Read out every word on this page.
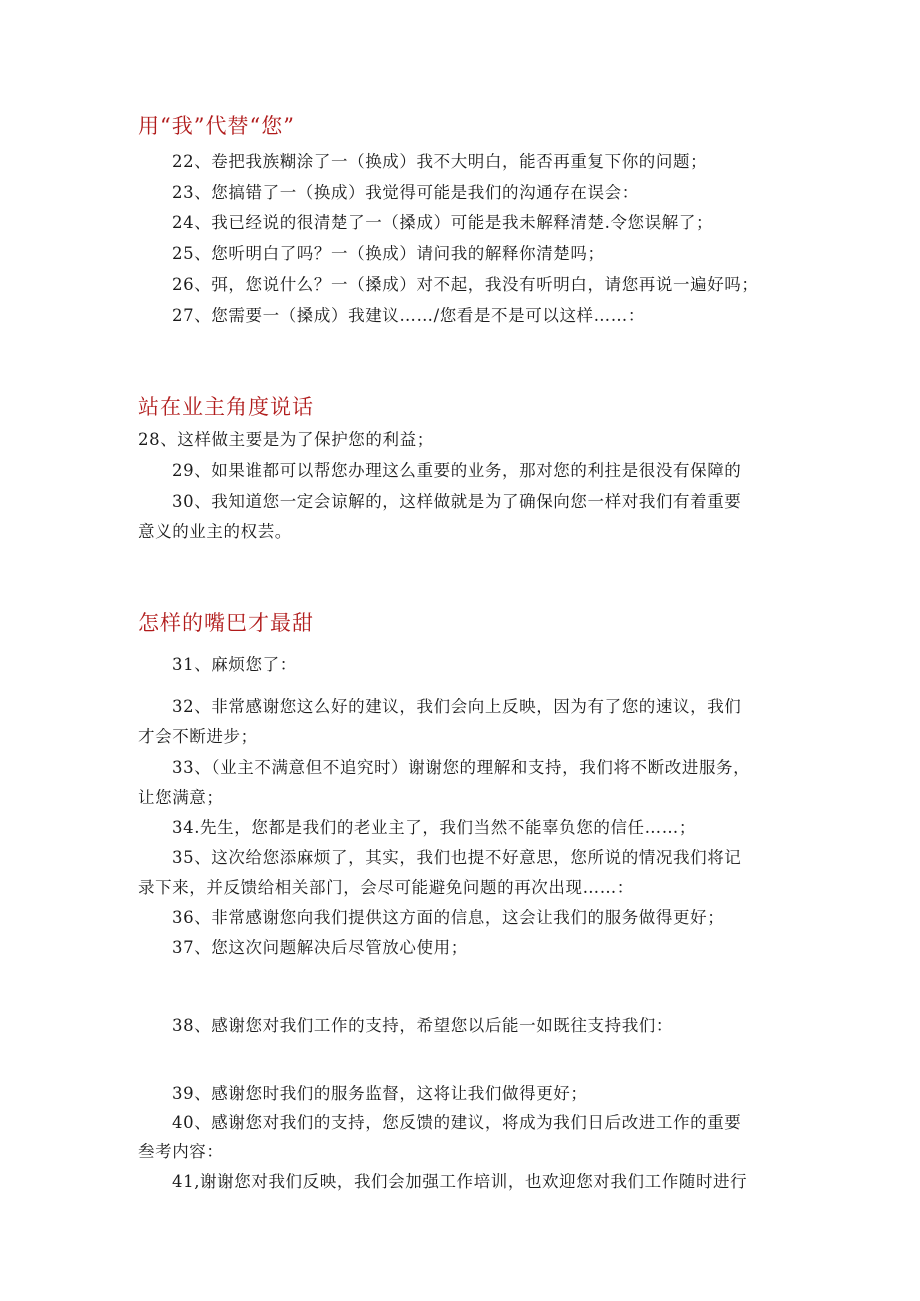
用“我”代替“您”

22、卷把我族糊涂了一（换成）我不大明白，能否再重复下你的问题；

23、您搞错了一（换成）我觉得可能是我们的沟通存在误会：

24、我已经说的很清楚了一（搡成）可能是我未解释清楚.令您误解了；

25、您听明白了吗？一（换成）请问我的解释你清楚吗；

26、弭，您说什么？一（搡成）对不起，我没有听明白，请您再说一遍好吗；

27、您需要一（搡成）我建议……/您看是不是可以这样……：

站在业主角度说话

28、这样做主要是为了保护您的利益；

29、如果谁都可以帮您办理这么重要的业务，那对您的利拄是很没有保障的

30、我知道您一定会谅解的，这样做就是为了确保向您一样对我们有着重要

意义的业主的权芸。

怎样的嘴巴才最甜

31、麻烦您了：

32、非常感谢您这么好的建议，我们会向上反映，因为有了您的速议，我们

才会不断进步；

33、（业主不满意但不追究时）谢谢您的理解和支持，我们将不断改进服务，

让您满意；

34.先生，您都是我们的老业主了，我们当然不能辜负您的信任……；

35、这次给您添麻烦了，其实，我们也提不好意思，您所说的情况我们将记

录下来，并反馈给相关部门，会尽可能避免问题的再次出现……：

36、非常感谢您向我们提供这方面的信息，这会让我们的服务做得更好；

37、您这次问题解决后尽管放心使用；

38、感谢您对我们工作的支持，希望您以后能一如既往支持我们：

39、感谢您时我们的服务监督，这将让我们做得更好；

40、感谢您对我们的支持，您反馈的建议，将成为我们日后改进工作的重要

叁考内容：

41,谢谢您对我们反映，我们会加强工作培训，也欢迎您对我们工作随时进行
